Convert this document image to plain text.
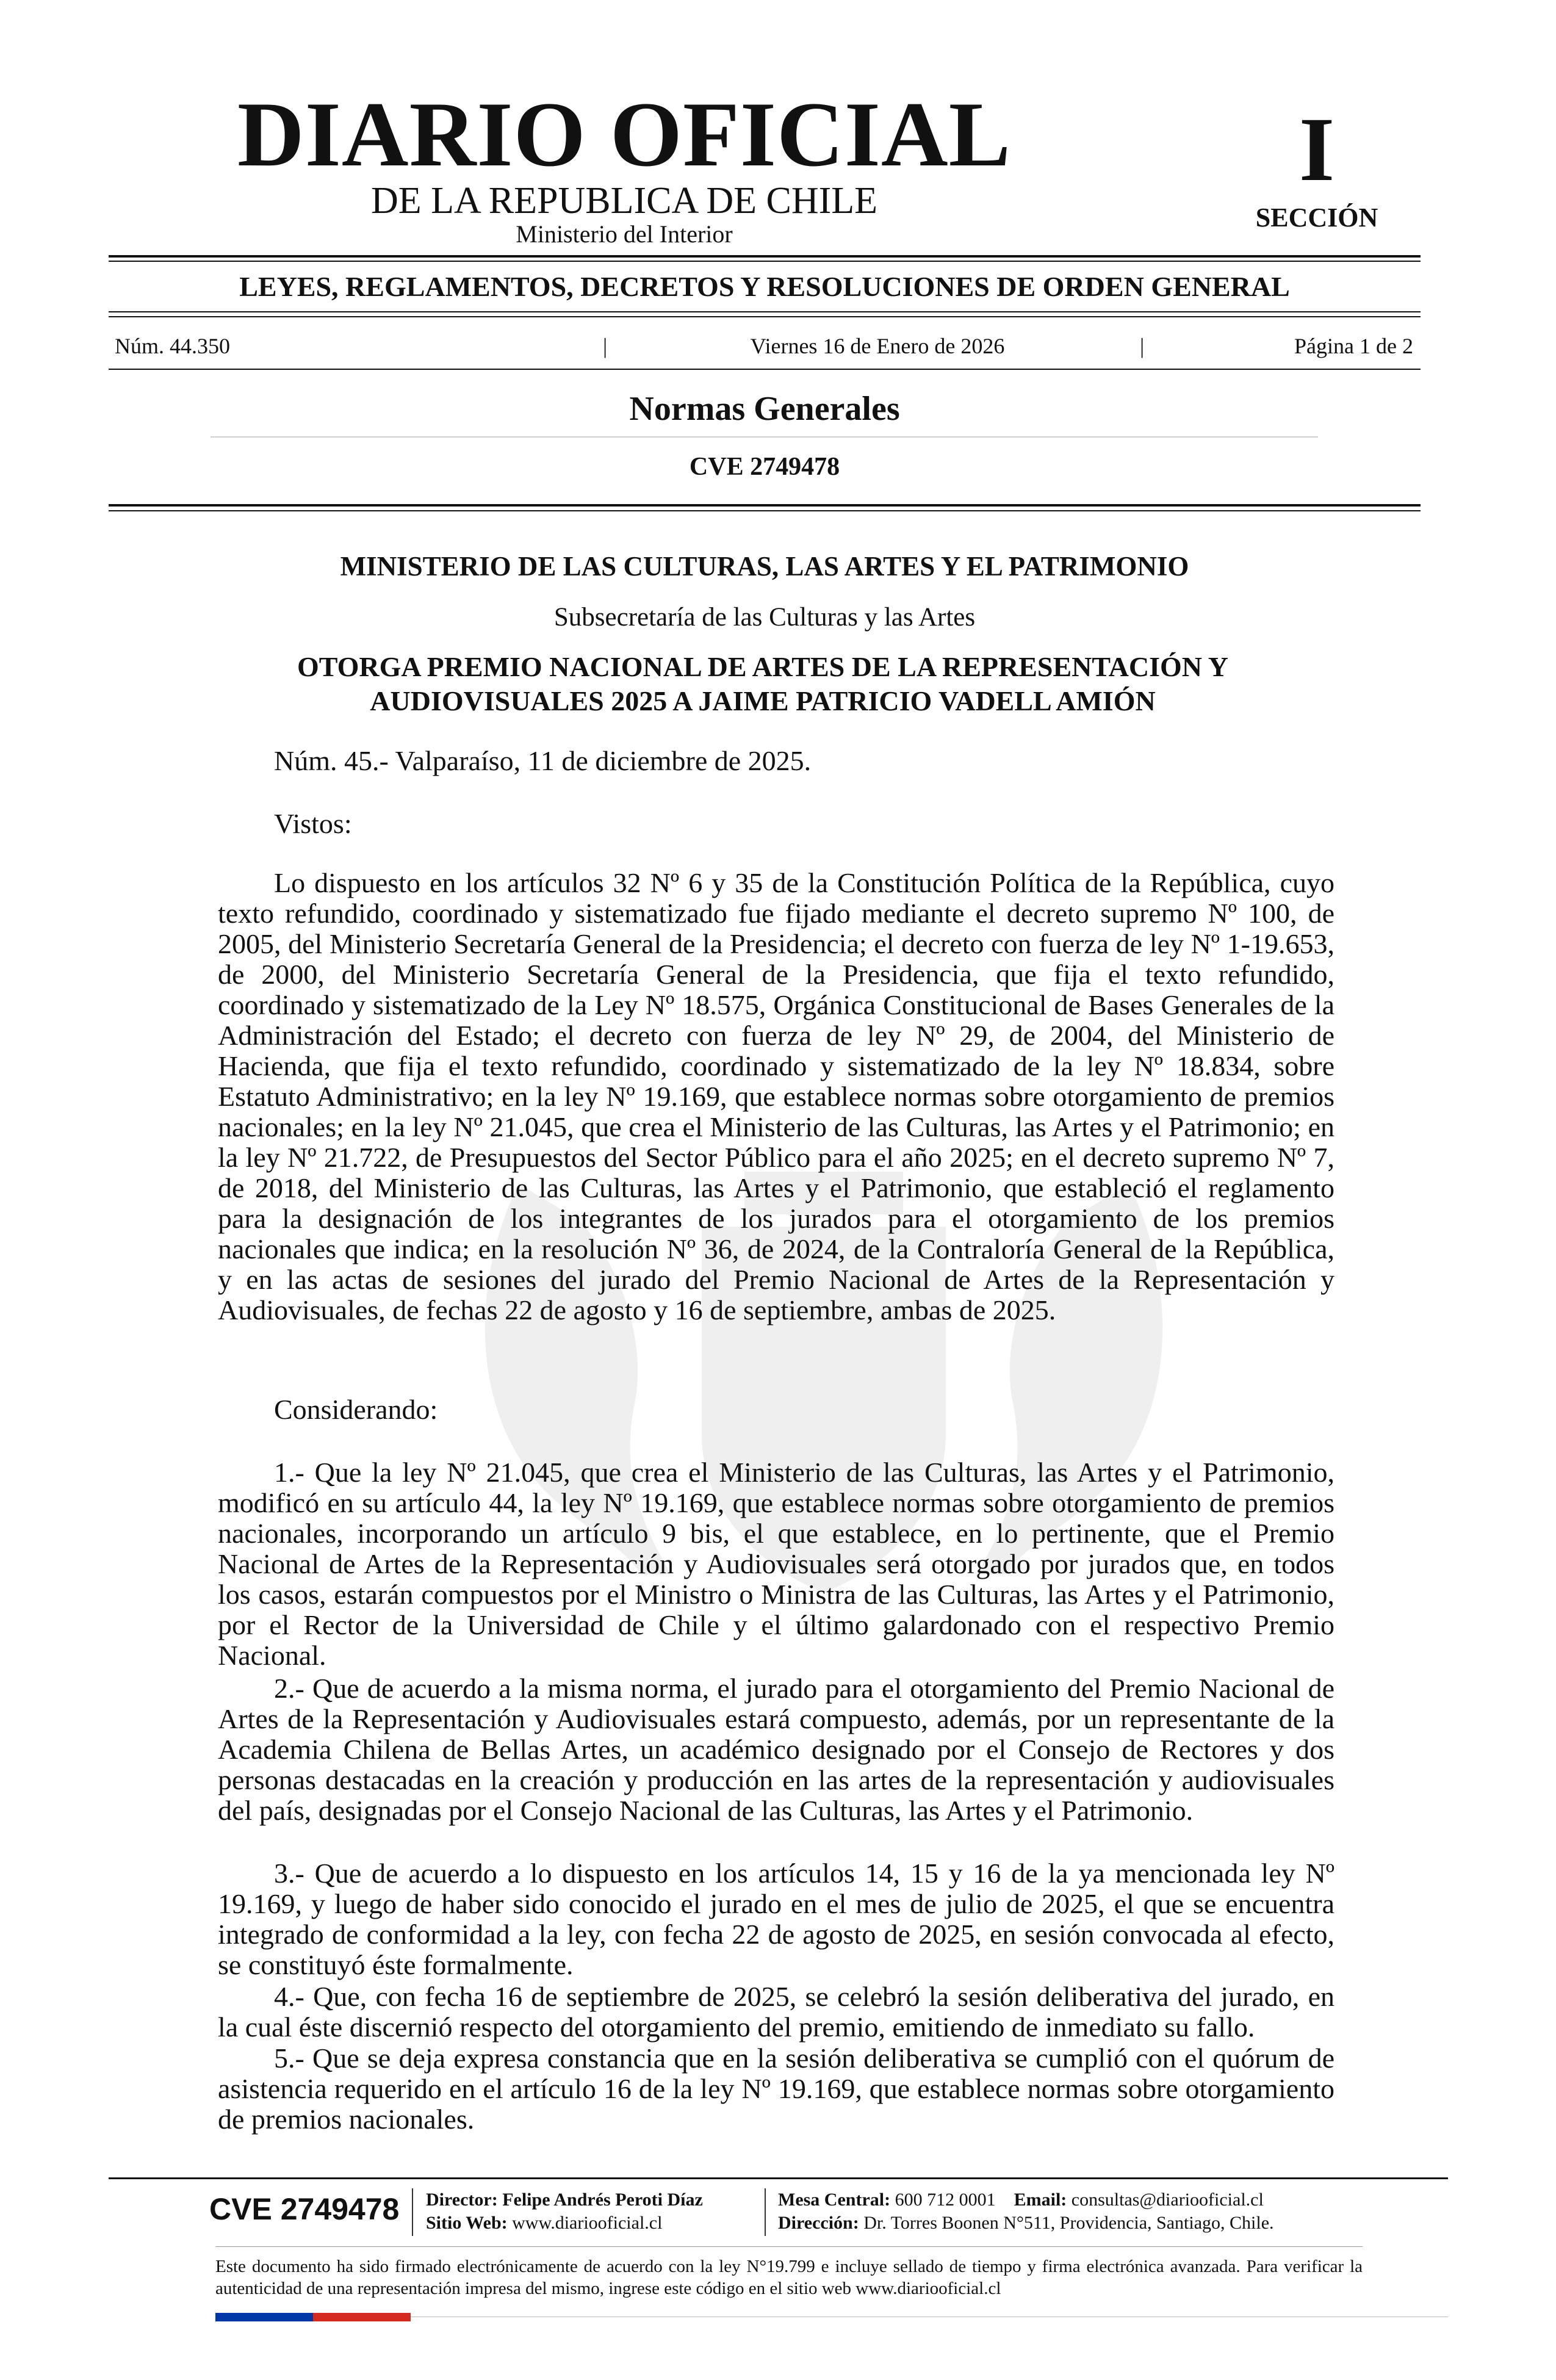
DIARIO OFICIAL
DE LA REPUBLICA DE CHILE
Ministerio del Interior
I
SECCIÓN
LEYES, REGLAMENTOS, DECRETOS Y RESOLUCIONES DE ORDEN GENERAL
Núm. 44.350	|	Viernes 16 de Enero de 2026	|	Página 1 de 2
Normas Generales
CVE 2749478
MINISTERIO DE LAS CULTURAS, LAS ARTES Y EL PATRIMONIO
Subsecretaría de las Culturas y las Artes
OTORGA PREMIO NACIONAL DE ARTES DE LA REPRESENTACIÓN Y AUDIOVISUALES 2025 A JAIME PATRICIO VADELL AMIÓN

Núm. 45.- Valparaíso, 11 de diciembre de 2025.

Vistos:

Lo dispuesto en los artículos 32 Nº 6 y 35 de la Constitución Política de la República, cuyo texto refundido, coordinado y sistematizado fue fijado mediante el decreto supremo Nº 100, de 2005, del Ministerio Secretaría General de la Presidencia; el decreto con fuerza de ley Nº 1-19.653, de 2000, del Ministerio Secretaría General de la Presidencia, que fija el texto refundido, coordinado y sistematizado de la Ley Nº 18.575, Orgánica Constitucional de Bases Generales de la Administración del Estado; el decreto con fuerza de ley Nº 29, de 2004, del Ministerio de Hacienda, que fija el texto refundido, coordinado y sistematizado de la ley Nº 18.834, sobre Estatuto Administrativo; en la ley Nº 19.169, que establece normas sobre otorgamiento de premios nacionales; en la ley Nº 21.045, que crea el Ministerio de las Culturas, las Artes y el Patrimonio; en la ley Nº 21.722, de Presupuestos del Sector Público para el año 2025; en el decreto supremo Nº 7, de 2018, del Ministerio de las Culturas, las Artes y el Patrimonio, que estableció el reglamento para la designación de los integrantes de los jurados para el otorgamiento de los premios nacionales que indica; en la resolución Nº 36, de 2024, de la Contraloría General de la República, y en las actas de sesiones del jurado del Premio Nacional de Artes de la Representación y Audiovisuales, de fechas 22 de agosto y 16 de septiembre, ambas de 2025.

Considerando:

1.- Que la ley Nº 21.045, que crea el Ministerio de las Culturas, las Artes y el Patrimonio, modificó en su artículo 44, la ley Nº 19.169, que establece normas sobre otorgamiento de premios nacionales, incorporando un artículo 9 bis, el que establece, en lo pertinente, que el Premio Nacional de Artes de la Representación y Audiovisuales será otorgado por jurados que, en todos los casos, estarán compuestos por el Ministro o Ministra de las Culturas, las Artes y el Patrimonio, por el Rector de la Universidad de Chile y el último galardonado con el respectivo Premio Nacional.

2.- Que de acuerdo a la misma norma, el jurado para el otorgamiento del Premio Nacional de Artes de la Representación y Audiovisuales estará compuesto, además, por un representante de la Academia Chilena de Bellas Artes, un académico designado por el Consejo de Rectores y dos personas destacadas en la creación y producción en las artes de la representación y audiovisuales del país, designadas por el Consejo Nacional de las Culturas, las Artes y el Patrimonio.

3.- Que de acuerdo a lo dispuesto en los artículos 14, 15 y 16 de la ya mencionada ley Nº 19.169, y luego de haber sido conocido el jurado en el mes de julio de 2025, el que se encuentra integrado de conformidad a la ley, con fecha 22 de agosto de 2025, en sesión convocada al efecto, se constituyó éste formalmente.

4.- Que, con fecha 16 de septiembre de 2025, se celebró la sesión deliberativa del jurado, en la cual éste discernió respecto del otorgamiento del premio, emitiendo de inmediato su fallo.

5.- Que se deja expresa constancia que en la sesión deliberativa se cumplió con el quórum de asistencia requerido en el artículo 16 de la ley Nº 19.169, que establece normas sobre otorgamiento de premios nacionales.

CVE 2749478 Director: Felipe Andrés Peroti Díaz
Sitio Web: www.diariooficial.cl
Mesa Central: 600 712 0001 Email: consultas@diariooficial.cl
Dirección: Dr. Torres Boonen N°511, Providencia, Santiago, Chile.
Este documento ha sido firmado electrónicamente de acuerdo con la ley N°19.799 e incluye sellado de tiempo y firma electrónica avanzada. Para verificar la autenticidad de una representación impresa del mismo, ingrese este código en el sitio web www.diariooficial.cl
